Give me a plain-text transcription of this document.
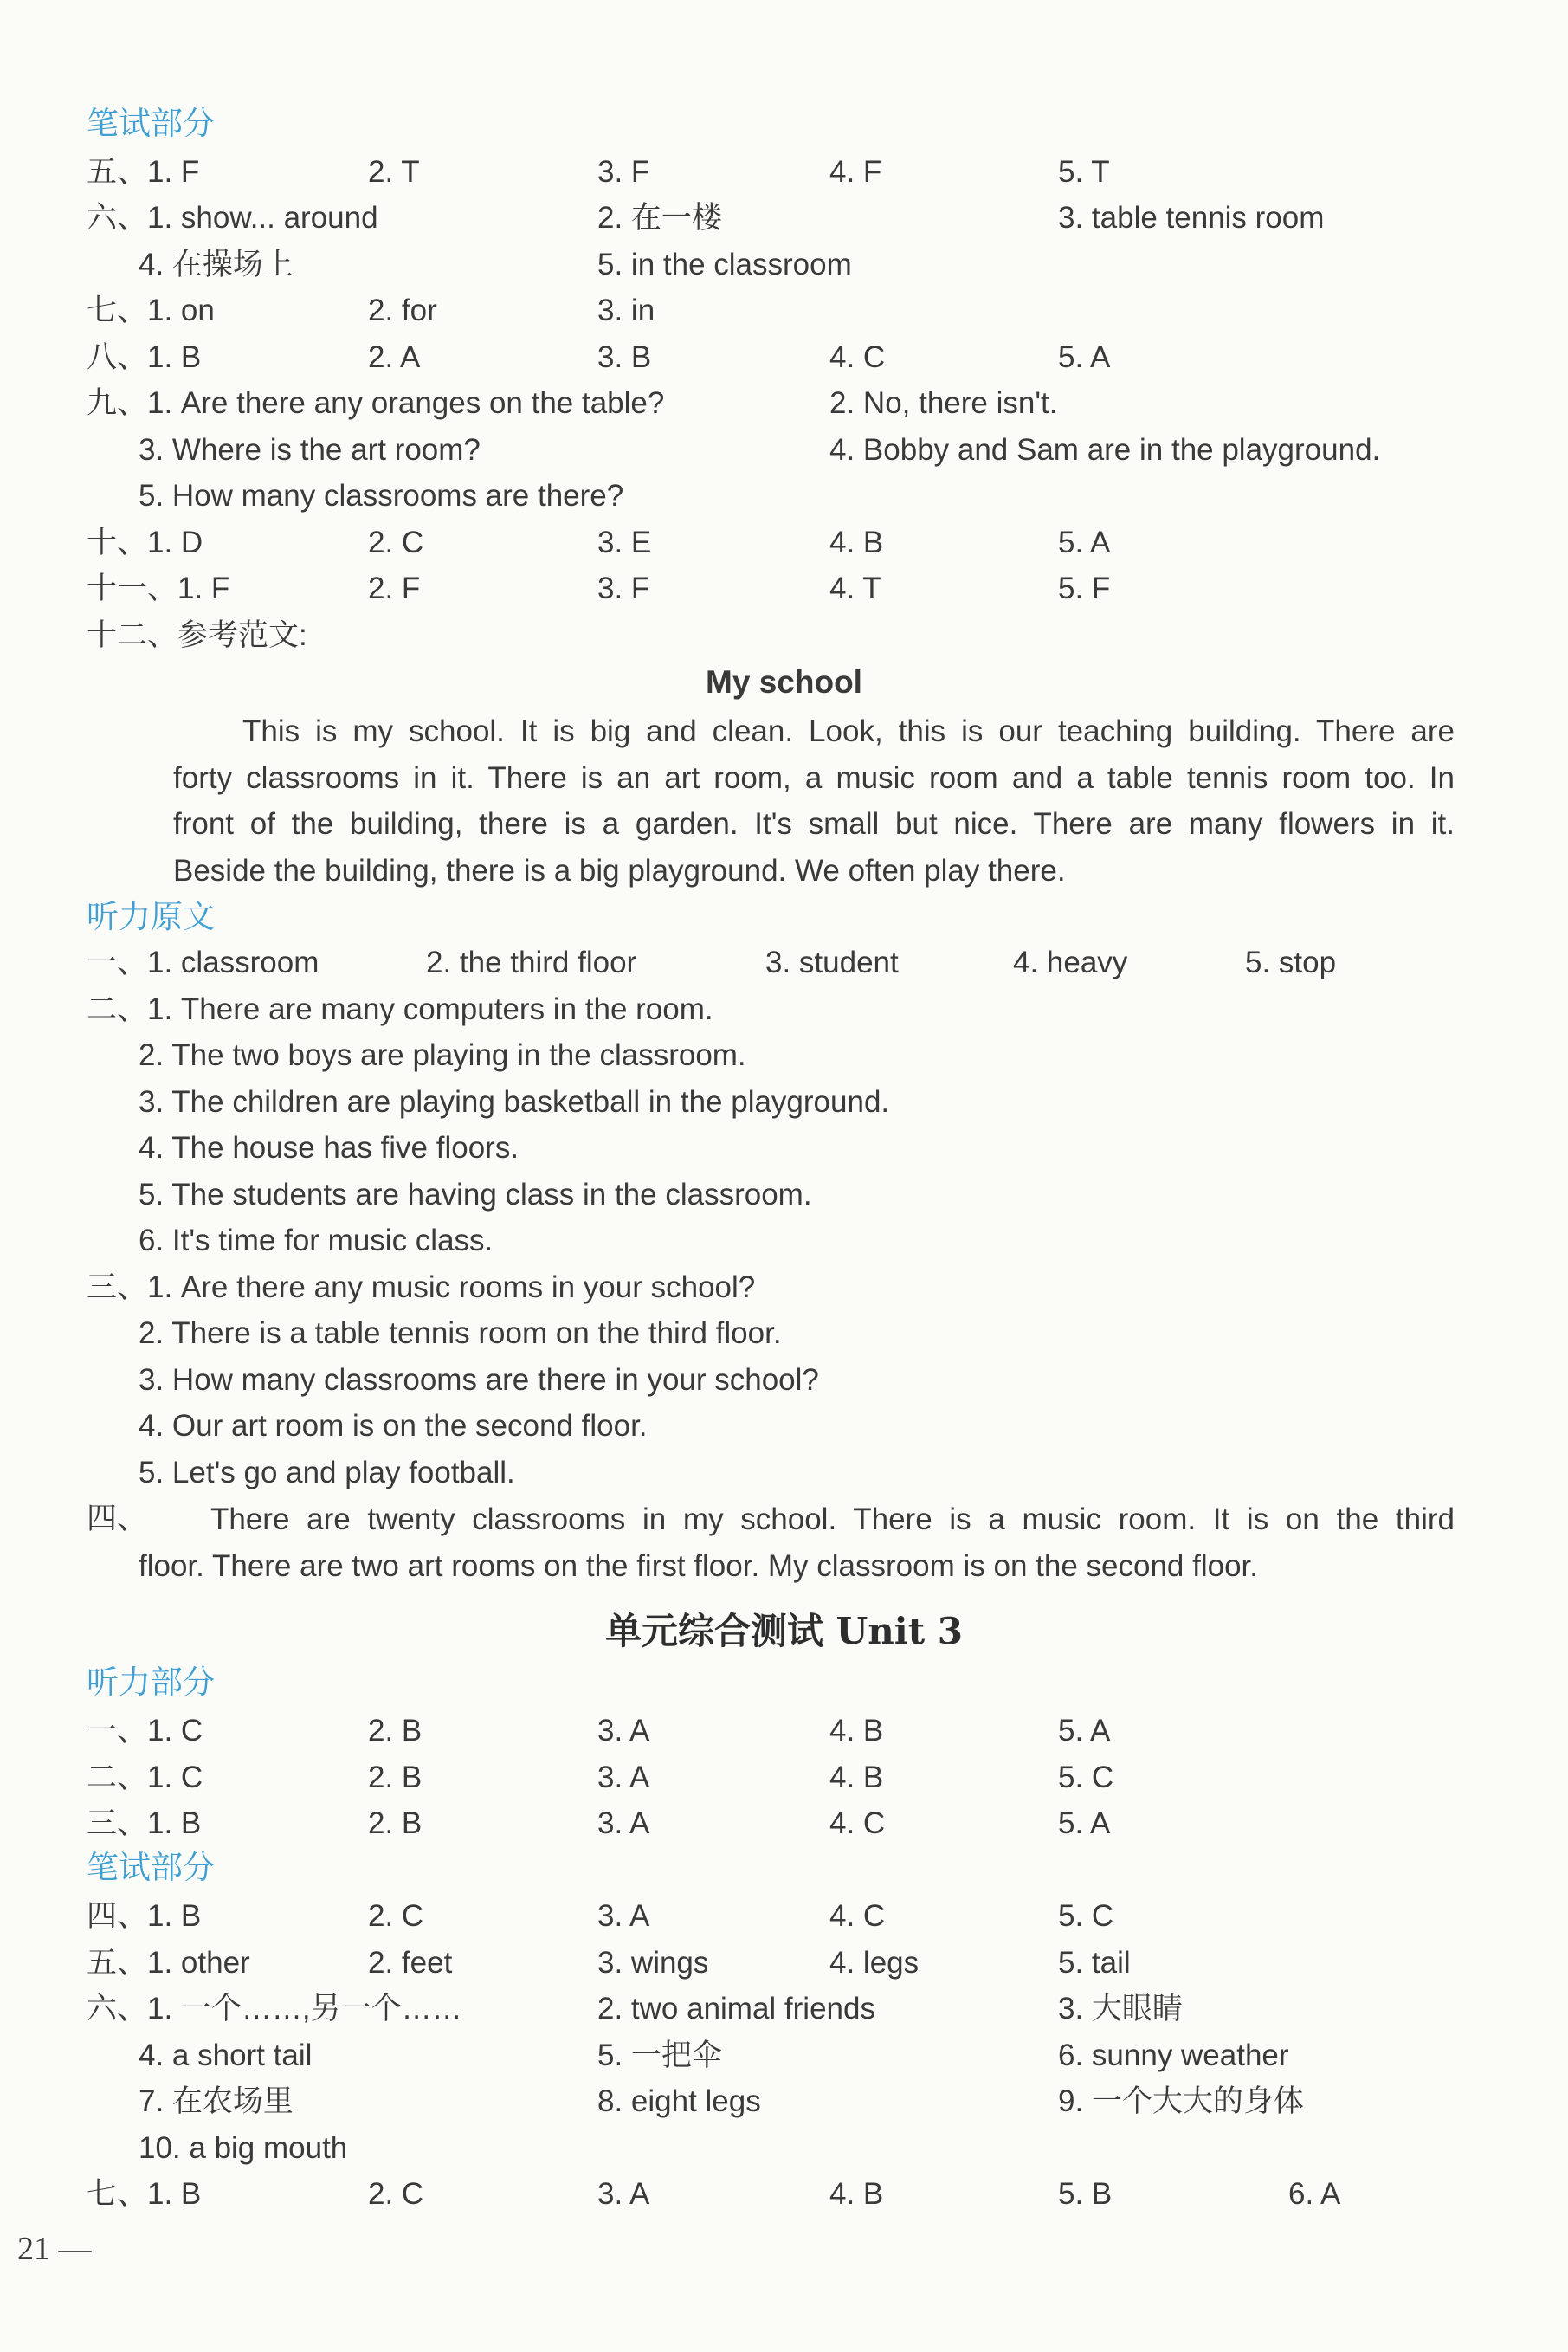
笔试部分
五、1. F	2. T	3. F	4. F	5. T
六、1. show... around	2. 在一楼	3. table tennis room
4. 在操场上	5. in the classroom
七、1. on	2. for	3. in
八、1. B	2. A	3. B	4. C	5. A
九、1. Are there any oranges on the table?	2. No, there isn't.
3. Where is the art room?	4. Bobby and Sam are in the playground.
5. How many classrooms are there?
十、1. D	2. C	3. E	4. B	5. A
十一、1. F	2. F	3. F	4. T	5. F
十二、参考范文:
My school
This is my school. It is big and clean. Look, this is our teaching building. There are
forty classrooms in it. There is an art room, a music room and a table tennis room too. In
front of the building, there is a garden. It's small but nice. There are many flowers in it.
Beside the building, there is a big playground. We often play there.
听力原文
一、1. classroom	2. the third floor	3. student	4. heavy	5. stop
二、1. There are many computers in the room.
2. The two boys are playing in the classroom.
3. The children are playing basketball in the playground.
4. The house has five floors.
5. The students are having class in the classroom.
6. It's time for music class.
三、1. Are there any music rooms in your school?
2. There is a table tennis room on the third floor.
3. How many classrooms are there in your school?
4. Our art room is on the second floor.
5. Let's go and play football.
四、	There are twenty classrooms in my school. There is a music room. It is on the third
floor. There are two art rooms on the first floor. My classroom is on the second floor.
单元综合测试 Unit 3
听力部分
一、1. C	2. B	3. A	4. B	5. A
二、1. C	2. B	3. A	4. B	5. C
三、1. B	2. B	3. A	4. C	5. A
笔试部分
四、1. B	2. C	3. A	4. C	5. C
五、1. other	2. feet	3. wings	4. legs	5. tail
六、1. 一个……,另一个……	2. two animal friends	3. 大眼睛
4. a short tail	5. 一把伞	6. sunny weather
7. 在农场里	8. eight legs	9. 一个大大的身体
10. a big mouth
七、1. B	2. C	3. A	4. B	5. B	6. A
21 —
